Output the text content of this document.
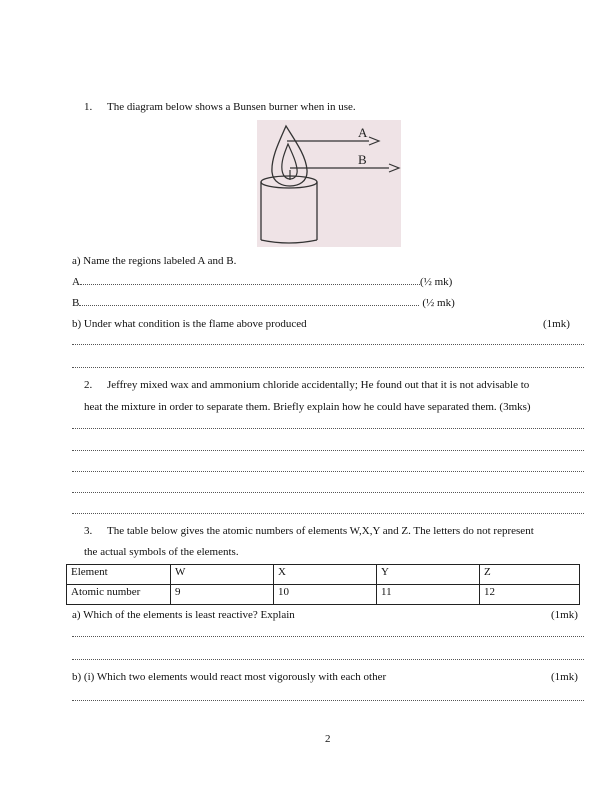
1. The diagram below shows a Bunsen burner when in use.
A
B
a) Name the regions labeled A and B.
A	(½ mk)
B	(½ mk)
b) Under what condition is the flame above produced	(1mk)
2. Jeffrey mixed wax and ammonium chloride accidentally; He found out that it is not advisable to
heat the mixture in order to separate them. Briefly explain how he could have separated them. (3mks)
3. The table below gives the atomic numbers of elements W,X,Y and Z. The letters do not represent
the actual symbols of the elements.
Element	W	X	Y	Z
Atomic number	9	10	11	12
a) Which of the elements is least reactive? Explain	(1mk)
b) (i) Which two elements would react most vigorously with each other	(1mk)
2
